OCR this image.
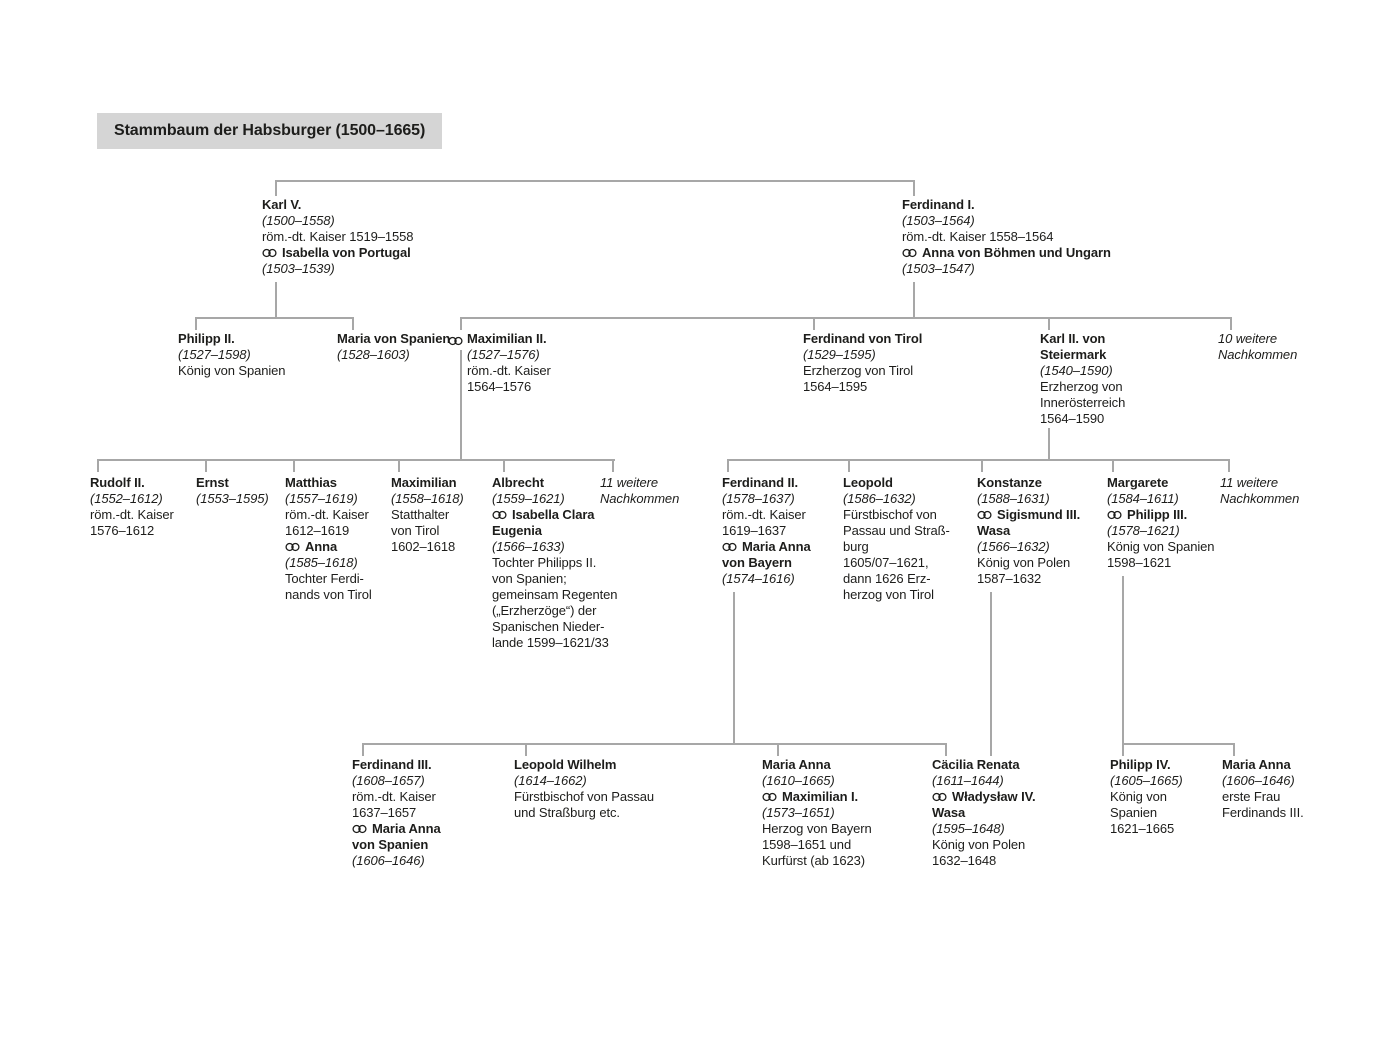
Stammbaum der Habsburger (1500–1665)
Karl V.
(1500–1558)
röm.-dt. Kaiser 1519–1558
Isabella von Portugal
(1503–1539)
Ferdinand I.
(1503–1564)
röm.-dt. Kaiser 1558–1564
Anna von Böhmen und Ungarn
(1503–1547)
Philipp II.
(1527–1598)
König von Spanien
Maria von Spanien
(1528–1603)
Maximilian II.
(1527–1576)
röm.-dt. Kaiser
1564–1576
Ferdinand von Tirol
(1529–1595)
Erzherzog von Tirol
1564–1595
Karl II. von
Steiermark
(1540–1590)
Erzherzog von
Innerösterreich
1564–1590
10 weitere
Nachkommen
Rudolf II.
(1552–1612)
röm.-dt. Kaiser
1576–1612
Ernst
(1553–1595)
Matthias
(1557–1619)
röm.-dt. Kaiser
1612–1619
Anna
(1585–1618)
Tochter Ferdi-
nands von Tirol
Maximilian
(1558–1618)
Statthalter
von Tirol
1602–1618
Albrecht
(1559–1621)
Isabella Clara
Eugenia
(1566–1633)
Tochter Philipps II.
von Spanien;
gemeinsam Regenten
(„Erzherzöge“) der
Spanischen Nieder-
lande 1599–1621/33
11 weitere
Nachkommen
Ferdinand II.
(1578–1637)
röm.-dt. Kaiser
1619–1637
Maria Anna
von Bayern
(1574–1616)
Leopold
(1586–1632)
Fürstbischof von
Passau und Straß-
burg
1605/07–1621,
dann 1626 Erz-
herzog von Tirol
Konstanze
(1588–1631)
Sigismund III.
Wasa
(1566–1632)
König von Polen
1587–1632
Margarete
(1584–1611)
Philipp III.
(1578–1621)
König von Spanien
1598–1621
11 weitere
Nachkommen
Ferdinand III.
(1608–1657)
röm.-dt. Kaiser
1637–1657
Maria Anna
von Spanien
(1606–1646)
Leopold Wilhelm
(1614–1662)
Fürstbischof von Passau
und Straßburg etc.
Maria Anna
(1610–1665)
Maximilian I.
(1573–1651)
Herzog von Bayern
1598–1651 und
Kurfürst (ab 1623)
Cäcilia Renata
(1611–1644)
Władysław IV.
Wasa
(1595–1648)
König von Polen
1632–1648
Philipp IV.
(1605–1665)
König von
Spanien
1621–1665
Maria Anna
(1606–1646)
erste Frau
Ferdinands III.
